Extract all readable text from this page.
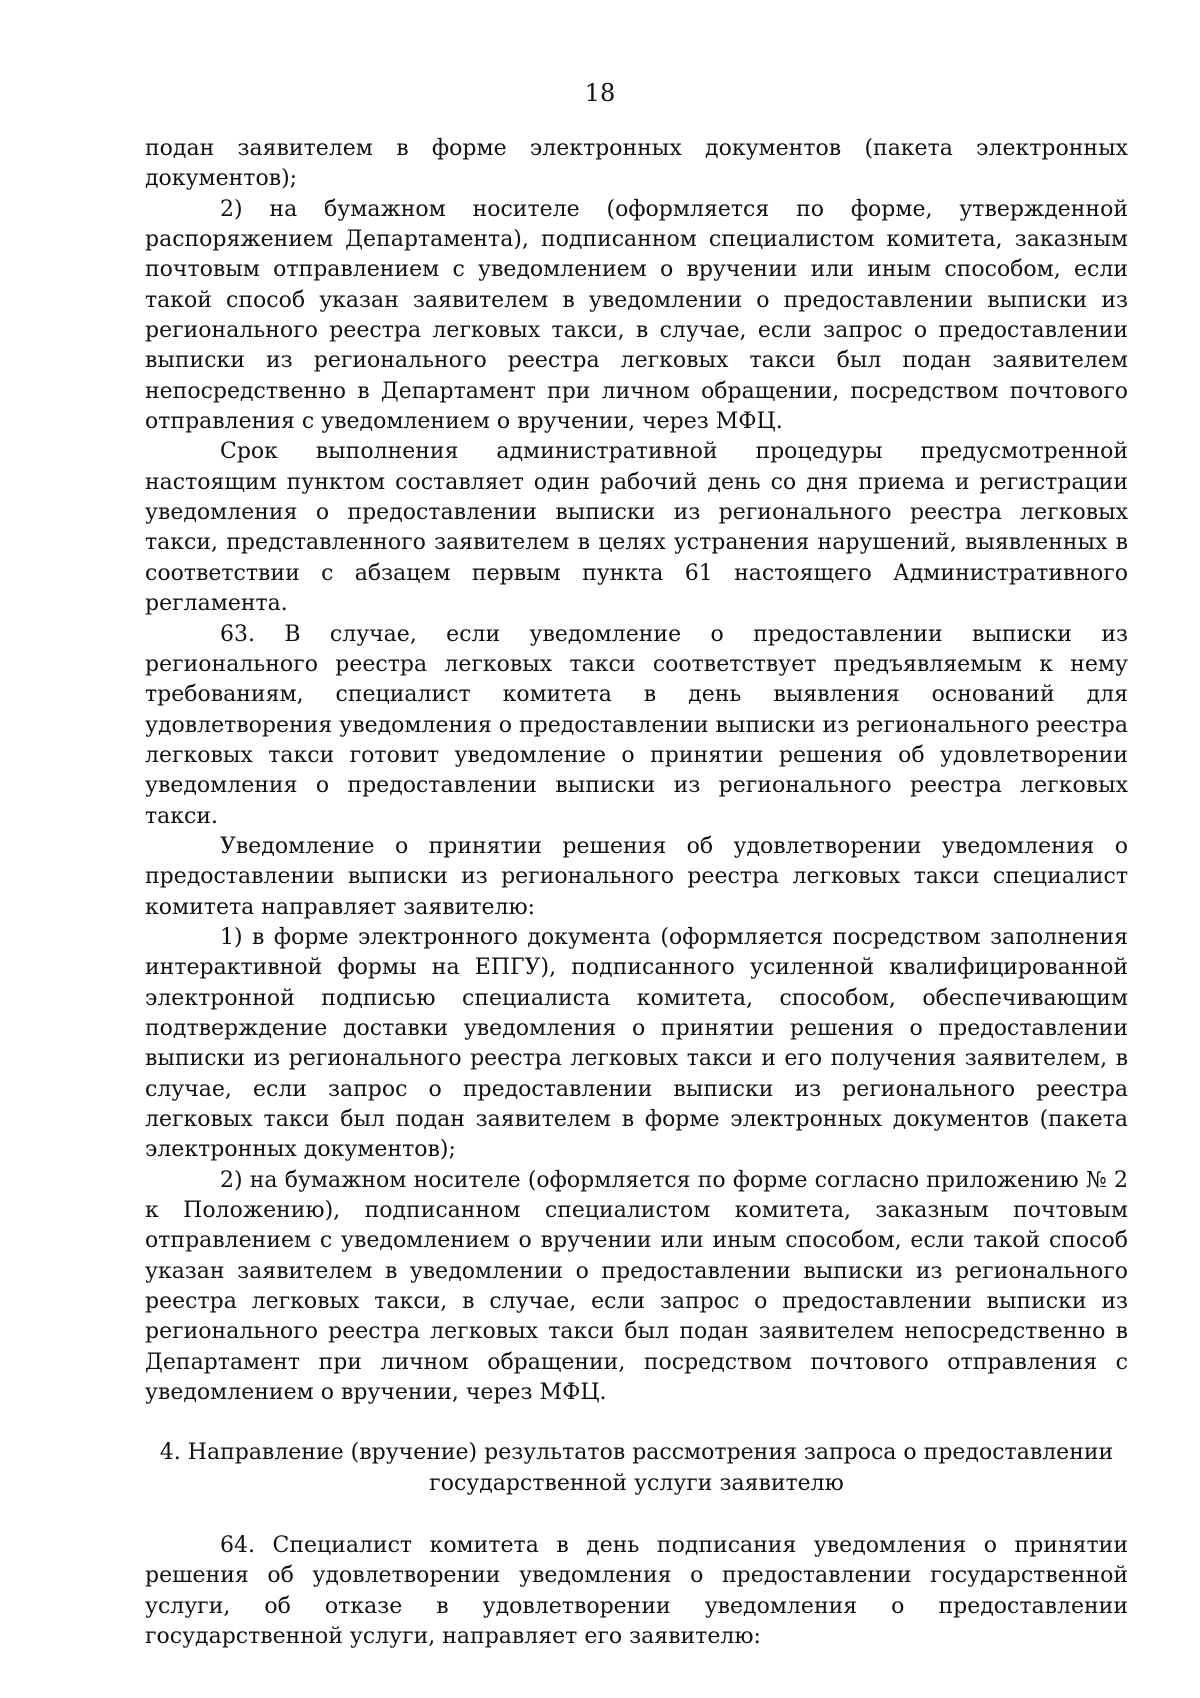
18

подан заявителем в форме электронных документов (пакета электронных документов);

2) на бумажном носителе (оформляется по форме, утвержденной распоряжением Департамента), подписанном специалистом комитета, заказным почтовым отправлением с уведомлением о вручении или иным способом, если такой способ указан заявителем в уведомлении о предоставлении выписки из регионального реестра легковых такси, в случае, если запрос о предоставлении выписки из регионального реестра легковых такси был подан заявителем непосредственно в Департамент при личном обращении, посредством почтового отправления с уведомлением о вручении, через МФЦ.

Срок выполнения административной процедуры предусмотренной настоящим пунктом составляет один рабочий день со дня приема и регистрации уведомления о предоставлении выписки из регионального реестра легковых такси, представленного заявителем в целях устранения нарушений, выявленных в соответствии с абзацем первым пункта 61 настоящего Административного регламента.

63. В случае, если уведомление о предоставлении выписки из регионального реестра легковых такси соответствует предъявляемым к нему требованиям, специалист комитета в день выявления оснований для удовлетворения уведомления о предоставлении выписки из регионального реестра легковых такси готовит уведомление о принятии решения об удовлетворении уведомления о предоставлении выписки из регионального реестра легковых такси.

Уведомление о принятии решения об удовлетворении уведомления о предоставлении выписки из регионального реестра легковых такси специалист комитета направляет заявителю:

1) в форме электронного документа (оформляется посредством заполнения интерактивной формы на ЕПГУ), подписанного усиленной квалифицированной электронной подписью специалиста комитета, способом, обеспечивающим подтверждение доставки уведомления о принятии решения о предоставлении выписки из регионального реестра легковых такси и его получения заявителем, в случае, если запрос о предоставлении выписки из регионального реестра легковых такси был подан заявителем в форме электронных документов (пакета электронных документов);

2) на бумажном носителе (оформляется по форме согласно приложению № 2 к Положению), подписанном специалистом комитета, заказным почтовым отправлением с уведомлением о вручении или иным способом, если такой способ указан заявителем в уведомлении о предоставлении выписки из регионального реестра легковых такси, в случае, если запрос о предоставлении выписки из регионального реестра легковых такси был подан заявителем непосредственно в Департамент при личном обращении, посредством почтового отправления с уведомлением о вручении, через МФЦ.

4. Направление (вручение) результатов рассмотрения запроса о предоставлении

государственной услуги заявителю

64. Специалист комитета в день подписания уведомления о принятии решения об удовлетворении уведомления о предоставлении государственной услуги, об отказе в удовлетворении уведомления о предоставлении государственной услуги, направляет его заявителю:
